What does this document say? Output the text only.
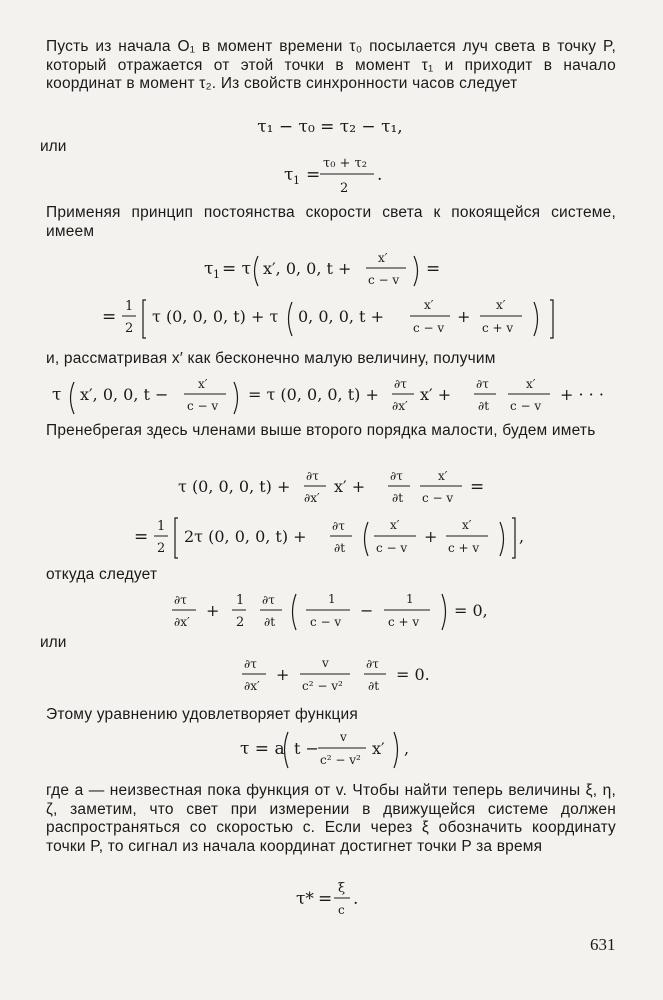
Пусть из начала O₁ в момент времени τ₀ посылается луч света в точку P, который отражается от этой точки в момент τ₁ и приходит в начало координат в момент τ₂. Из свойств синхронности часов следует
τ₁ − τ₀ = τ₂ − τ₁,
или
τ 1 =
τ₀ + τ₂
2
.
Применяя принцип постоянства скорости света к покоящейся системе, имеем
τ 1 = τ x′, 0, 0, t +
x′
c − v
=
=
1
2
τ (0, 0, 0, t) + τ 0, 0, 0, t +
x′
c − v
+
x′
c + v
и, рассматривая x′ как бесконечно малую величину, получим
τ x′, 0, 0, t −
x′
c − v
= τ (0, 0, 0, t) +
∂τ
∂x′
x′ +
∂τ
∂t
x′
c − v
+ · · ·
Пренебрегая здесь членами выше второго порядка малости, будем иметь
τ (0, 0, 0, t) +
∂τ
∂x′
x′ +
∂τ
∂t
x′
c − v
=
=
1
2
2τ (0, 0, 0, t) +
∂τ
∂t
x′
c − v
+
x′
c + v
,
откуда следует
∂τ
∂x′
+
1
2
∂τ
∂t
1
c − v
−
1
c + v
= 0,
или
∂τ
∂x′
+
v
c² − v²
∂τ
∂t
= 0.
Этому уравнению удовлетворяет функция
τ = a t −
v
c² − v²
x′ ,
где a — неизвестная пока функция от v. Чтобы найти теперь величины ξ, η, ζ, заметим, что свет при измерении в движущейся системе должен распространяться со скоростью c. Если через ξ обозначить координату точки P, то сигнал из начала координат достигнет точки P за время
τ* =
ξ
c
.
631
